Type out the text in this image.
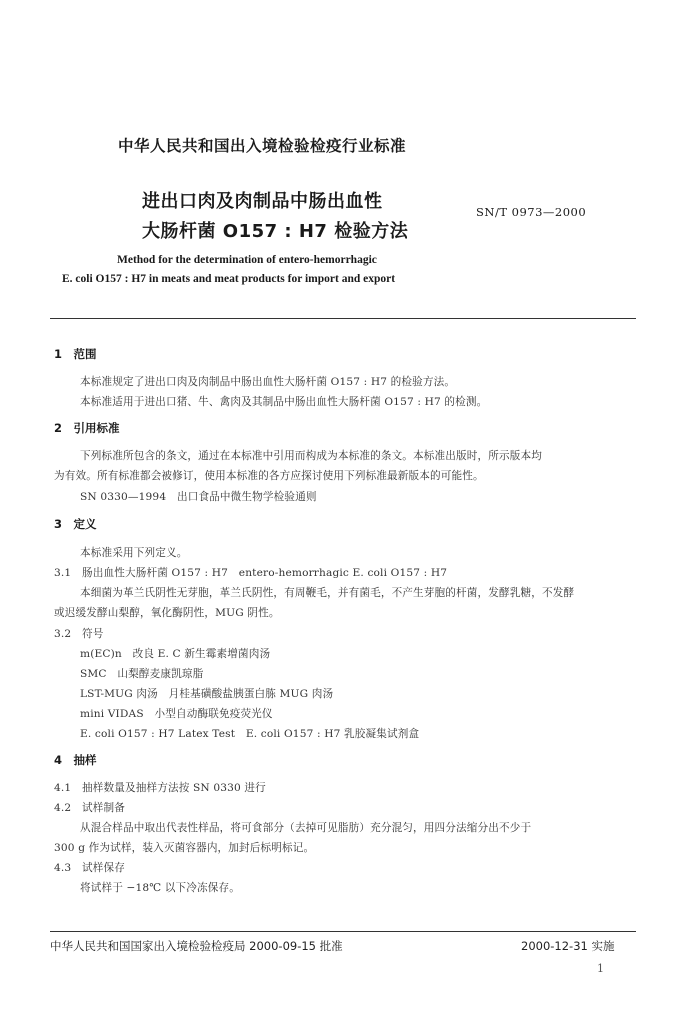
中华人民共和国出入境检验检疫行业标准
进出口肉及肉制品中肠出血性
大肠杆菌 O157 : H7 检验方法
SN/T 0973—2000
Method for the determination of entero-hemorrhagic
E. coli O157 : H7 in meats and meat products for import and export
1　范围
本标准规定了进出口肉及肉制品中肠出血性大肠杆菌 O157 : H7 的检验方法。
本标准适用于进出口猪、牛、禽肉及其制品中肠出血性大肠杆菌 O157 : H7 的检测。
2　引用标准
下列标准所包含的条文，通过在本标准中引用而构成为本标准的条文。本标准出版时，所示版本均
为有效。所有标准都会被修订，使用本标准的各方应探讨使用下列标准最新版本的可能性。
SN 0330—1994　出口食品中微生物学检验通则
3　定义
本标准采用下列定义。
3.1　肠出血性大肠杆菌 O157 : H7　entero-hemorrhagic E. coli O157 : H7
本细菌为革兰氏阴性无芽胞，革兰氏阴性，有周鞭毛，并有菌毛，不产生芽胞的杆菌，发酵乳糖，不发酵
或迟缓发酵山梨醇，氧化酶阴性，MUG 阴性。
3.2　符号
m(EC)n　改良 E. C 新生霉素增菌肉汤
SMC　山梨醇麦康凯琼脂
LST-MUG 肉汤　月桂基磺酸盐胰蛋白胨 MUG 肉汤
mini VIDAS　小型自动酶联免疫荧光仪
E. coli O157 : H7 Latex Test　E. coli O157 : H7 乳胶凝集试剂盒
4　抽样
4.1　抽样数量及抽样方法按 SN 0330 进行
4.2　试样制备
从混合样品中取出代表性样品，将可食部分（去掉可见脂肪）充分混匀，用四分法缩分出不少于
300 g 作为试样，装入灭菌容器内，加封后标明标记。
4.3　试样保存
将试样于 −18℃ 以下冷冻保存。
中华人民共和国国家出入境检验检疫局 2000-09-15 批准	2000-12-31 实施
1
